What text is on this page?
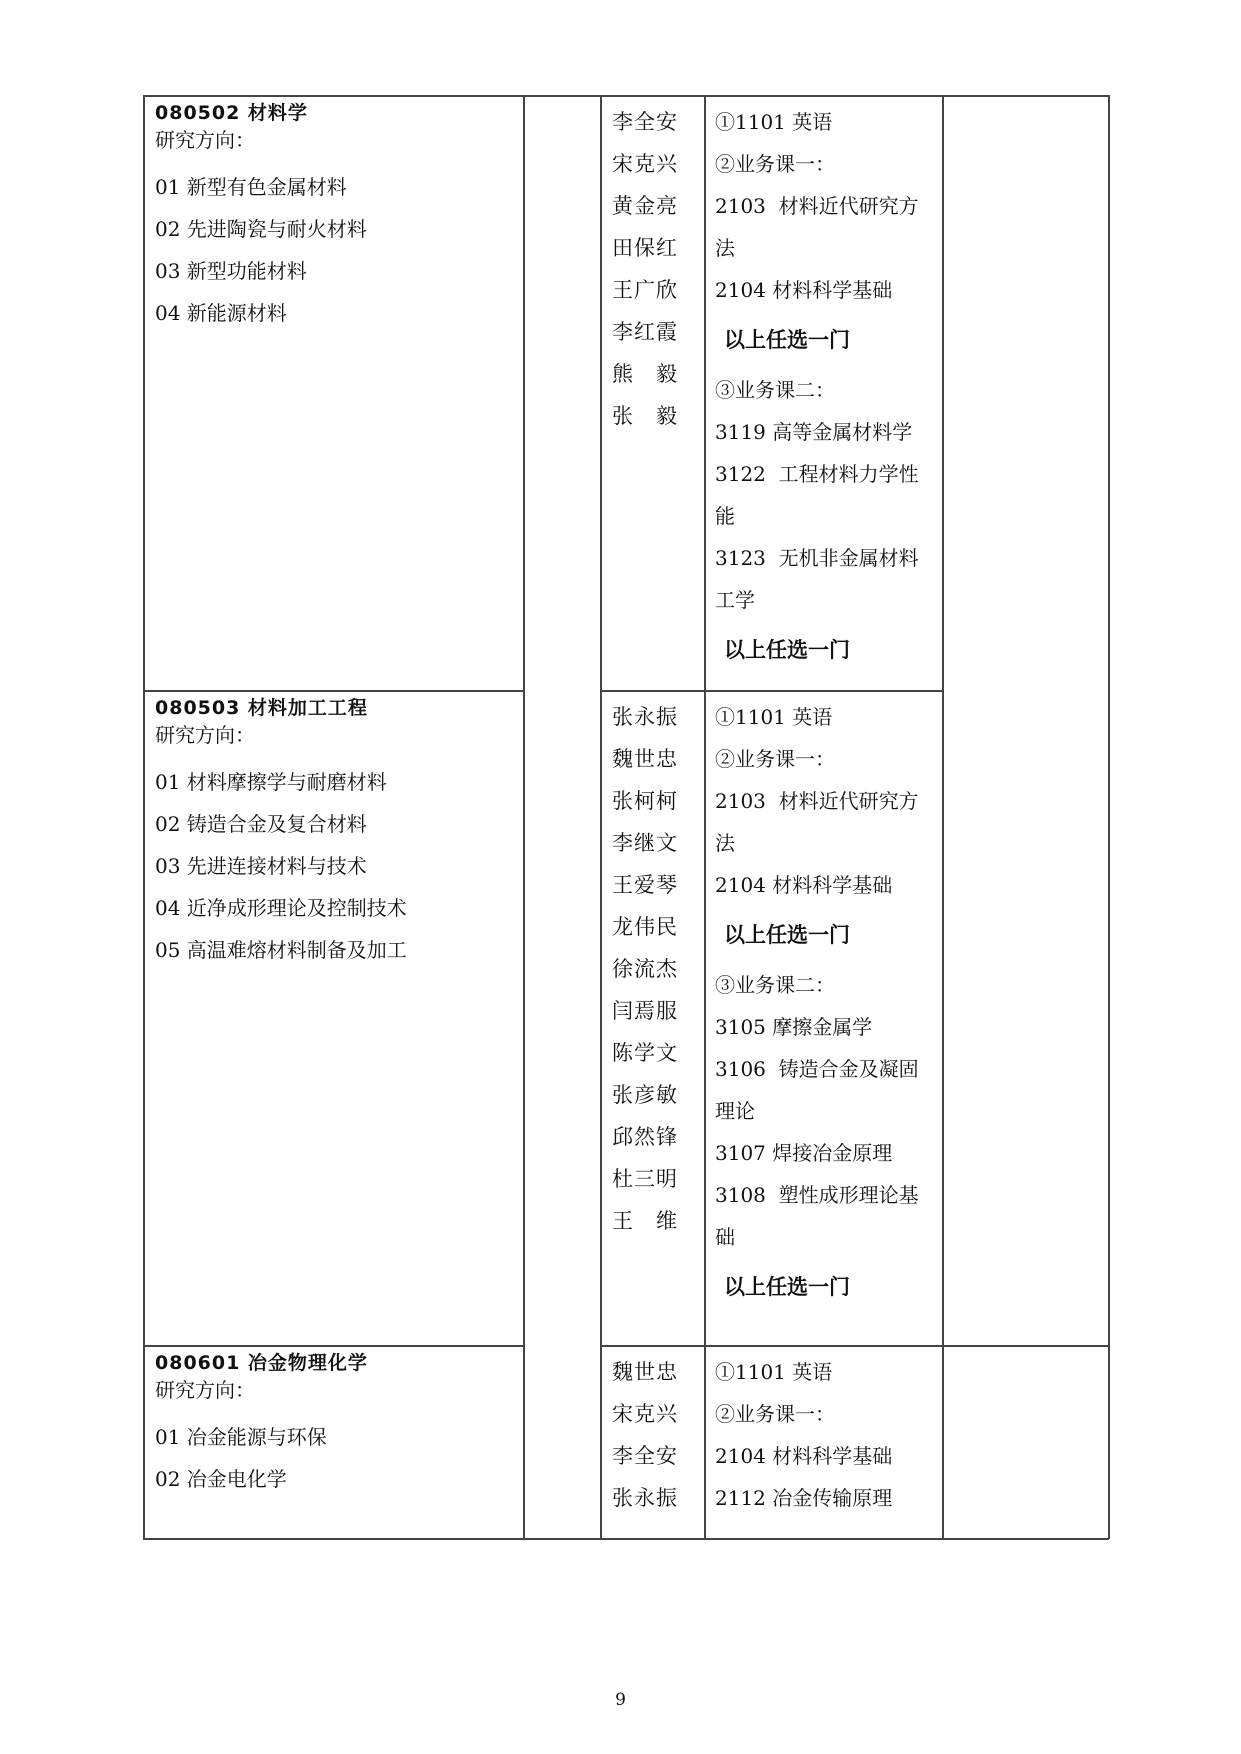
080502 材料学
研究方向：
01 新型有色金属材料
02 先进陶瓷与耐火材料
03 新型功能材料
04 新能源材料
李全安
宋克兴
黄金亮
田保红
王广欣
李红霞
熊　毅
张　毅
①1101 英语
②业务课一：
2103  材料近代研究方法
2104 材料科学基础
以上任选一门
③业务课二：
3119 高等金属材料学
3122  工程材料力学性能
3123  无机非金属材料工学
以上任选一门
080503 材料加工工程
研究方向：
01 材料摩擦学与耐磨材料
02 铸造合金及复合材料
03 先进连接材料与技术
04 近净成形理论及控制技术
05 高温难熔材料制备及加工
张永振
魏世忠
张柯柯
李继文
王爱琴
龙伟民
徐流杰
闫焉服
陈学文
张彦敏
邱然锋
杜三明
王　维
①1101 英语
②业务课一：
2103  材料近代研究方法
2104 材料科学基础
以上任选一门
③业务课二：
3105 摩擦金属学
3106  铸造合金及凝固理论
3107 焊接冶金原理
3108  塑性成形理论基础
以上任选一门
080601 冶金物理化学
研究方向：
01 冶金能源与环保
02 冶金电化学
魏世忠
宋克兴
李全安
张永振
①1101 英语
②业务课一：
2104 材料科学基础
2112 冶金传输原理
9
